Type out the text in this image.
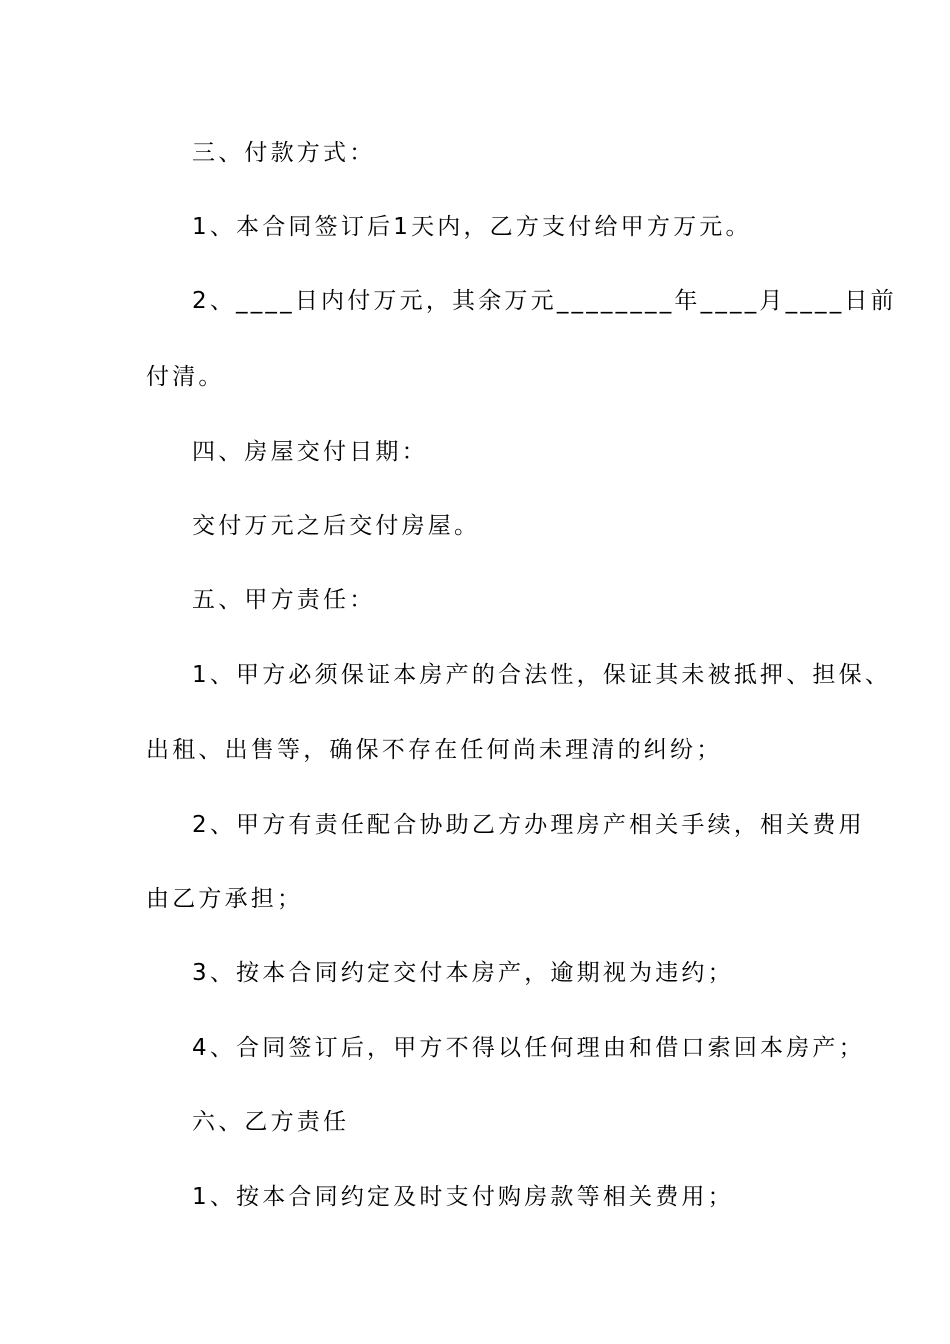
三、付款方式：
1、本合同签订后1天内，乙方支付给甲方万元。
2、____日内付万元，其余万元________年____月____日前
付清。
四、房屋交付日期：
交付万元之后交付房屋。
五、甲方责任：
1、甲方必须保证本房产的合法性，保证其未被抵押、担保、
出租、出售等，确保不存在任何尚未理清的纠纷；
2、甲方有责任配合协助乙方办理房产相关手续，相关费用
由乙方承担；
3、按本合同约定交付本房产，逾期视为违约；
4、合同签订后，甲方不得以任何理由和借口索回本房产；
六、乙方责任
1、按本合同约定及时支付购房款等相关费用；
